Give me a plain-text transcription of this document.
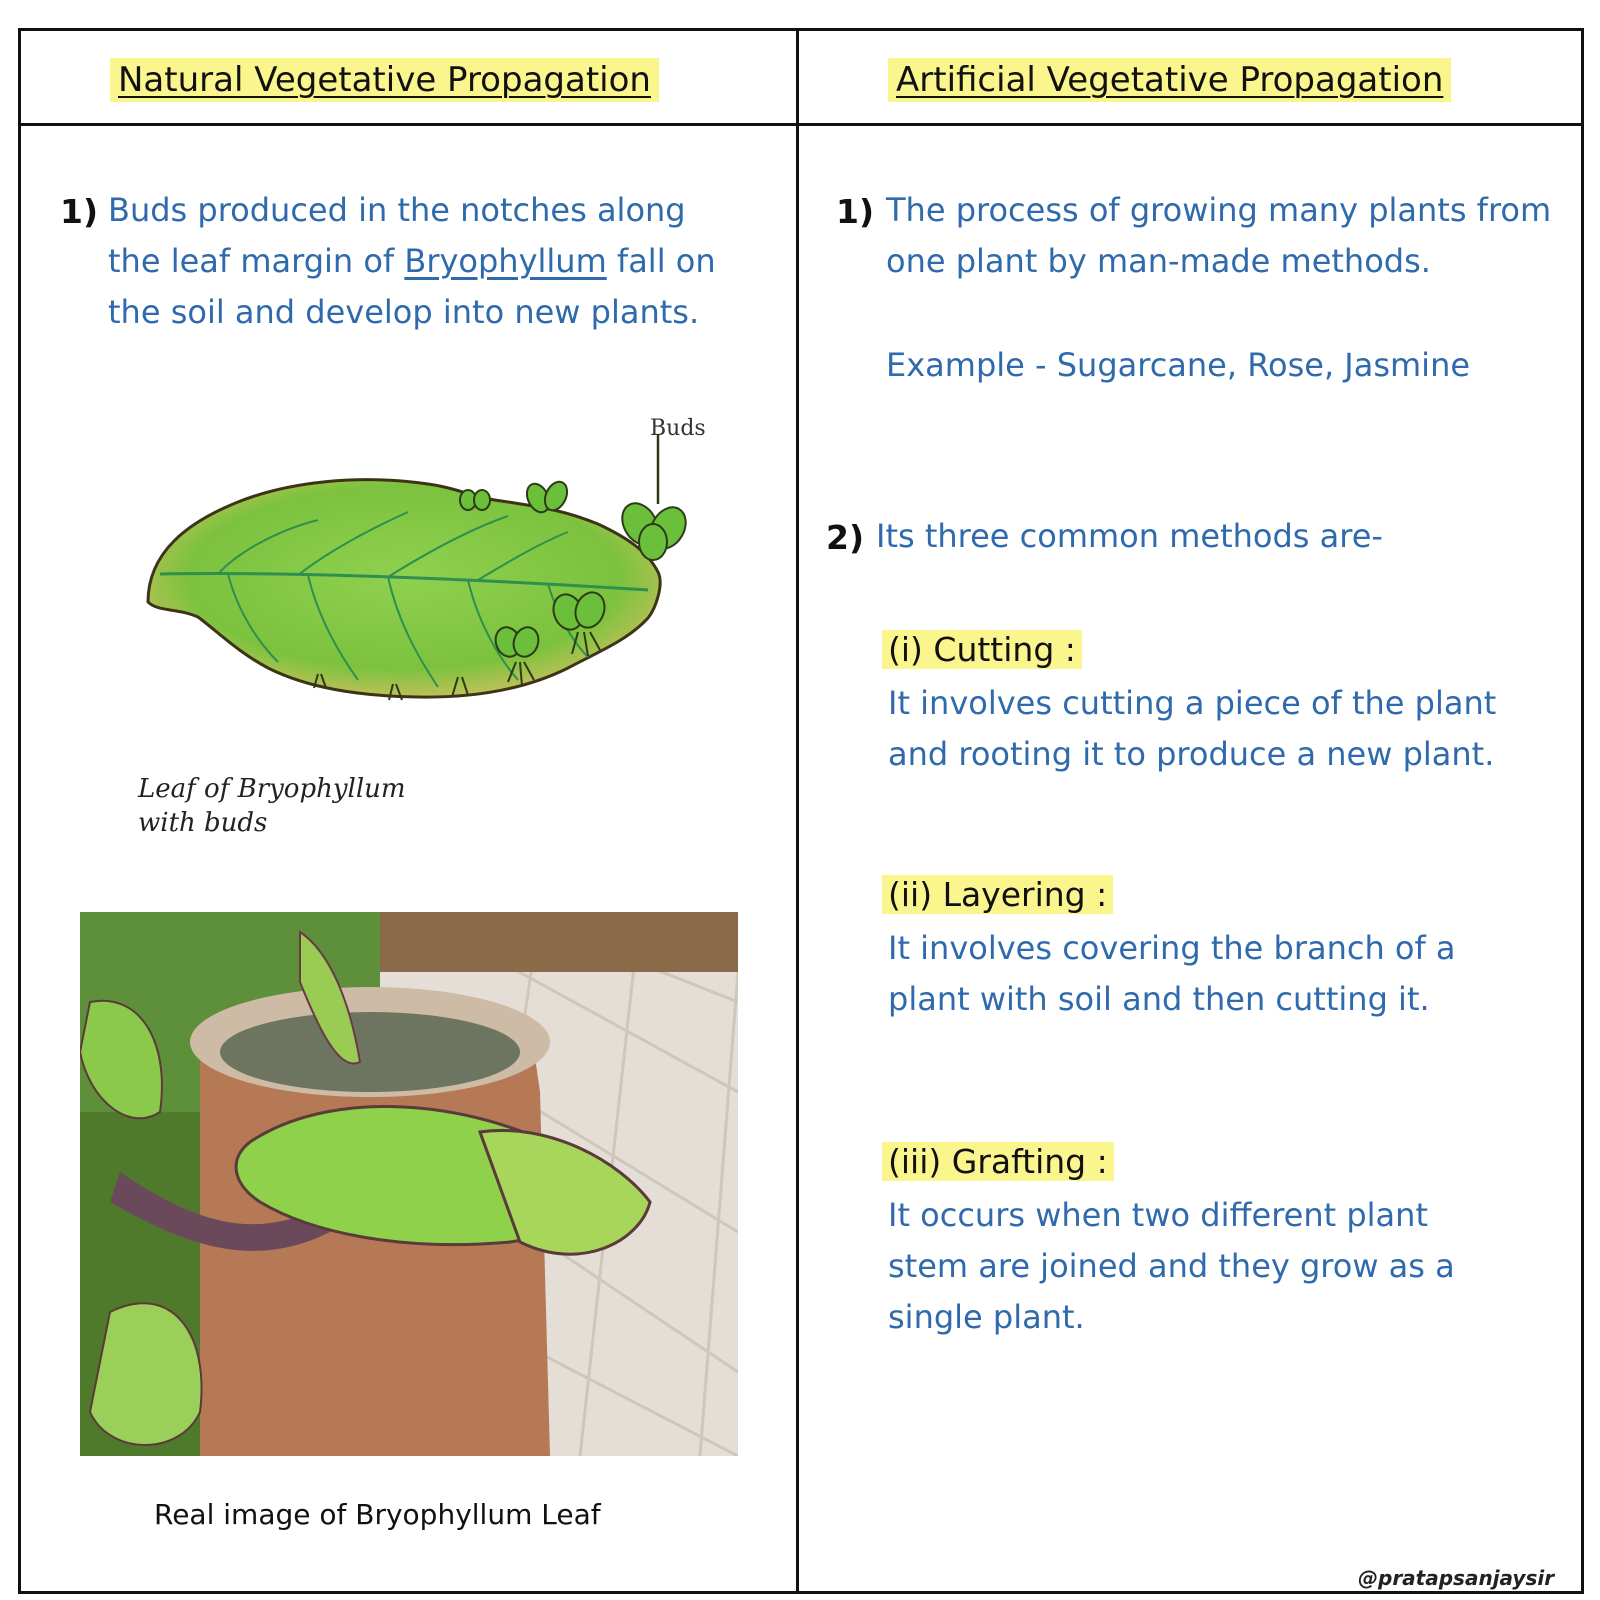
Natural Vegetative Propagation	Artificial Vegetative Propagation
1) Buds produced in the notches along the leaf margin of Bryophyllum fall on the soil and develop into new plants.
Buds
Leaf of Bryophyllum
with buds
Real image of Bryophyllum Leaf
1) The process of growing many plants from one plant by man-made methods.
Example - Sugarcane, Rose, Jasmine
2) Its three common methods are-
(i) Cutting :
It involves cutting a piece of the plant and rooting it to produce a new plant.
(ii) Layering :
It involves covering the branch of a plant with soil and then cutting it.
(iii) Grafting :
It occurs when two different plant stem are joined and they grow as a single plant.
@pratapsanjaysir
